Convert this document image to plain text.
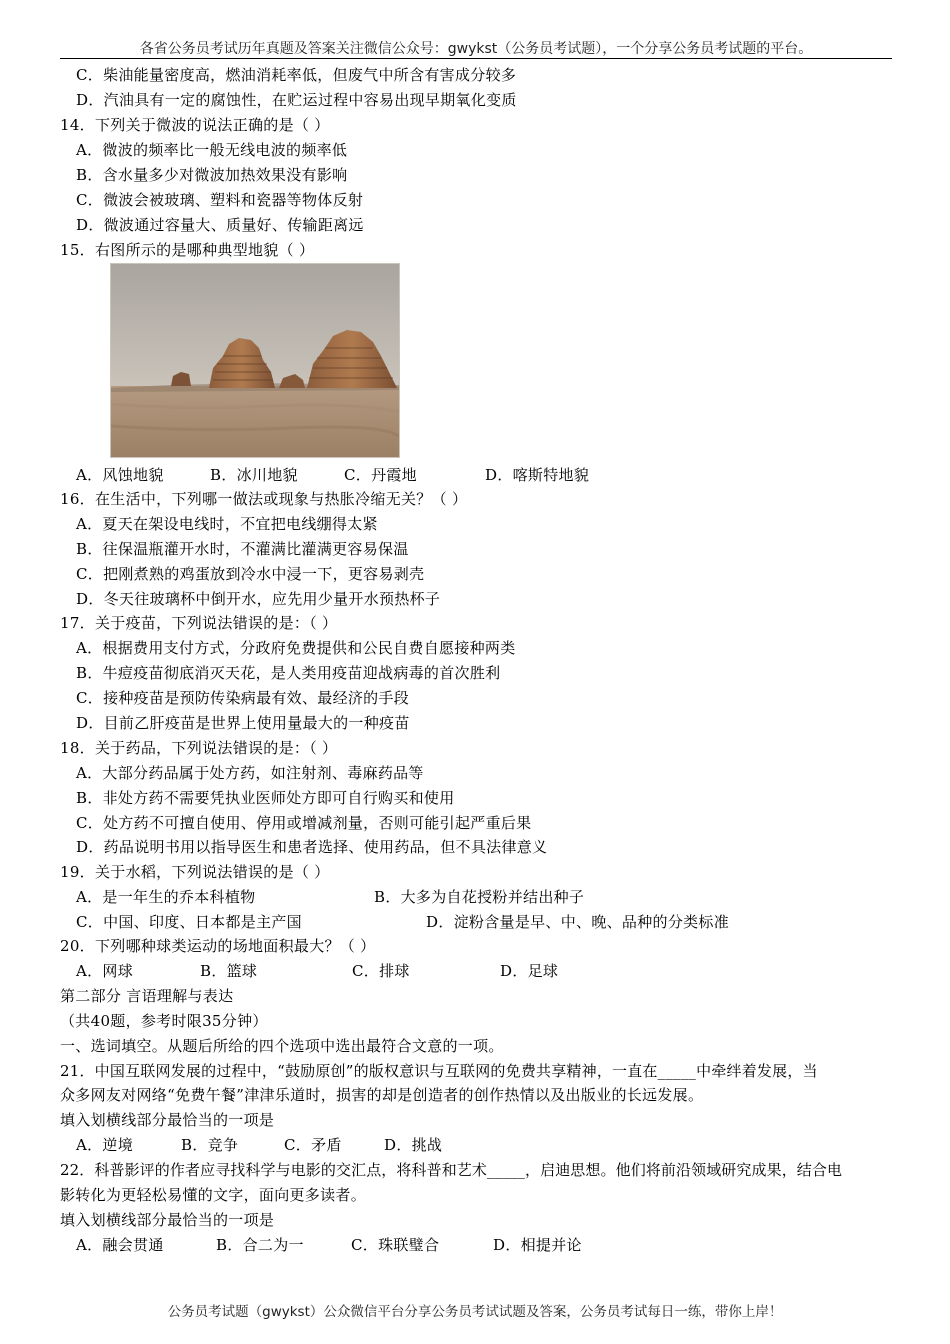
各省公务员考试历年真题及答案关注微信公众号：gwykst（公务员考试题），一个分享公务员考试题的平台。
C．柴油能量密度高，燃油消耗率低，但废气中所含有害成分较多
D．汽油具有一定的腐蚀性，在贮运过程中容易出现早期氧化变质
14．下列关于微波的说法正确的是（ ）
A．微波的频率比一般无线电波的频率低
B．含水量多少对微波加热效果没有影响
C．微波会被玻璃、塑料和瓷器等物体反射
D．微波通过容量大、质量好、传输距离远
15．右图所示的是哪种典型地貌（ ）
A．风蚀地貌	B．冰川地貌	C．丹霞地	D．喀斯特地貌
16．在生活中，下列哪一做法或现象与热胀冷缩无关？（ ）
A．夏天在架设电线时，不宜把电线绷得太紧
B．往保温瓶灌开水时，不灌满比灌满更容易保温
C．把刚煮熟的鸡蛋放到冷水中浸一下，更容易剥壳
D．冬天往玻璃杯中倒开水，应先用少量开水预热杯子
17．关于疫苗，下列说法错误的是：（ ）
A．根据费用支付方式，分政府免费提供和公民自费自愿接种两类
B．牛痘疫苗彻底消灭天花，是人类用疫苗迎战病毒的首次胜利
C．接种疫苗是预防传染病最有效、最经济的手段
D．目前乙肝疫苗是世界上使用量最大的一种疫苗
18．关于药品，下列说法错误的是：（ ）
A．大部分药品属于处方药，如注射剂、毒麻药品等
B．非处方药不需要凭执业医师处方即可自行购买和使用
C．处方药不可擅自使用、停用或增减剂量，否则可能引起严重后果
D．药品说明书用以指导医生和患者选择、使用药品，但不具法律意义
19．关于水稻，下列说法错误的是（ ）
A．是一年生的乔本科植物	B．大多为自花授粉并结出种子
C．中国、印度、日本都是主产国	D．淀粉含量是早、中、晚、品种的分类标准
20．下列哪种球类运动的场地面积最大？（ ）
A．网球	B．篮球	C．排球	D．足球
第二部分 言语理解与表达
（共40题，参考时限35分钟）
一、选词填空。从题后所给的四个选项中选出最符合文意的一项。
21．中国互联网发展的过程中，“鼓励原创”的版权意识与互联网的免费共享精神，一直在_____中牵绊着发展，当
众多网友对网络“免费午餐”津津乐道时，损害的却是创造者的创作热情以及出版业的长远发展。
填入划横线部分最恰当的一项是
A．逆境	B．竞争	C．矛盾	D．挑战
22．科普影评的作者应寻找科学与电影的交汇点，将科普和艺术_____，启迪思想。他们将前沿领域研究成果，结合电
影转化为更轻松易懂的文字，面向更多读者。
填入划横线部分最恰当的一项是
A．融会贯通	B．合二为一	C．珠联璧合	D．相提并论
公务员考试题（gwykst）公众微信平台分享公务员考试试题及答案，公务员考试每日一练，带你上岸！
